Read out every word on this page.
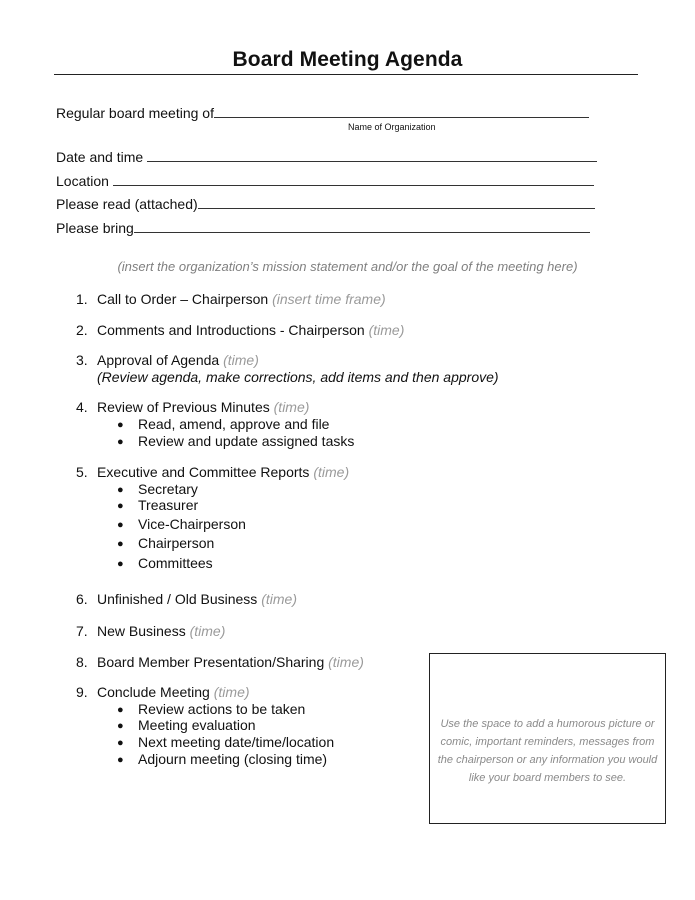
Board Meeting Agenda
Regular board meeting of
Name of Organization
Date and time
Location
Please read (attached)
Please bring
(insert the organization’s mission statement and/or the goal of the meeting here)
1. Call to Order – Chairperson (insert time frame)
2. Comments and Introductions - Chairperson (time)
3. Approval of Agenda (time)
(Review agenda, make corrections, add items and then approve)
4. Review of Previous Minutes (time)
● Read, amend, approve and file
● Review and update assigned tasks
5. Executive and Committee Reports (time)
● Secretary
● Treasurer
● Vice-Chairperson
● Chairperson
● Committees
6. Unfinished / Old Business (time)
7. New Business (time)
8. Board Member Presentation/Sharing (time)
9. Conclude Meeting (time)
● Review actions to be taken
● Meeting evaluation
● Next meeting date/time/location
● Adjourn meeting (closing time)
Use the space to add a humorous picture or comic, important reminders, messages from the chairperson or any information you would like your board members to see.
